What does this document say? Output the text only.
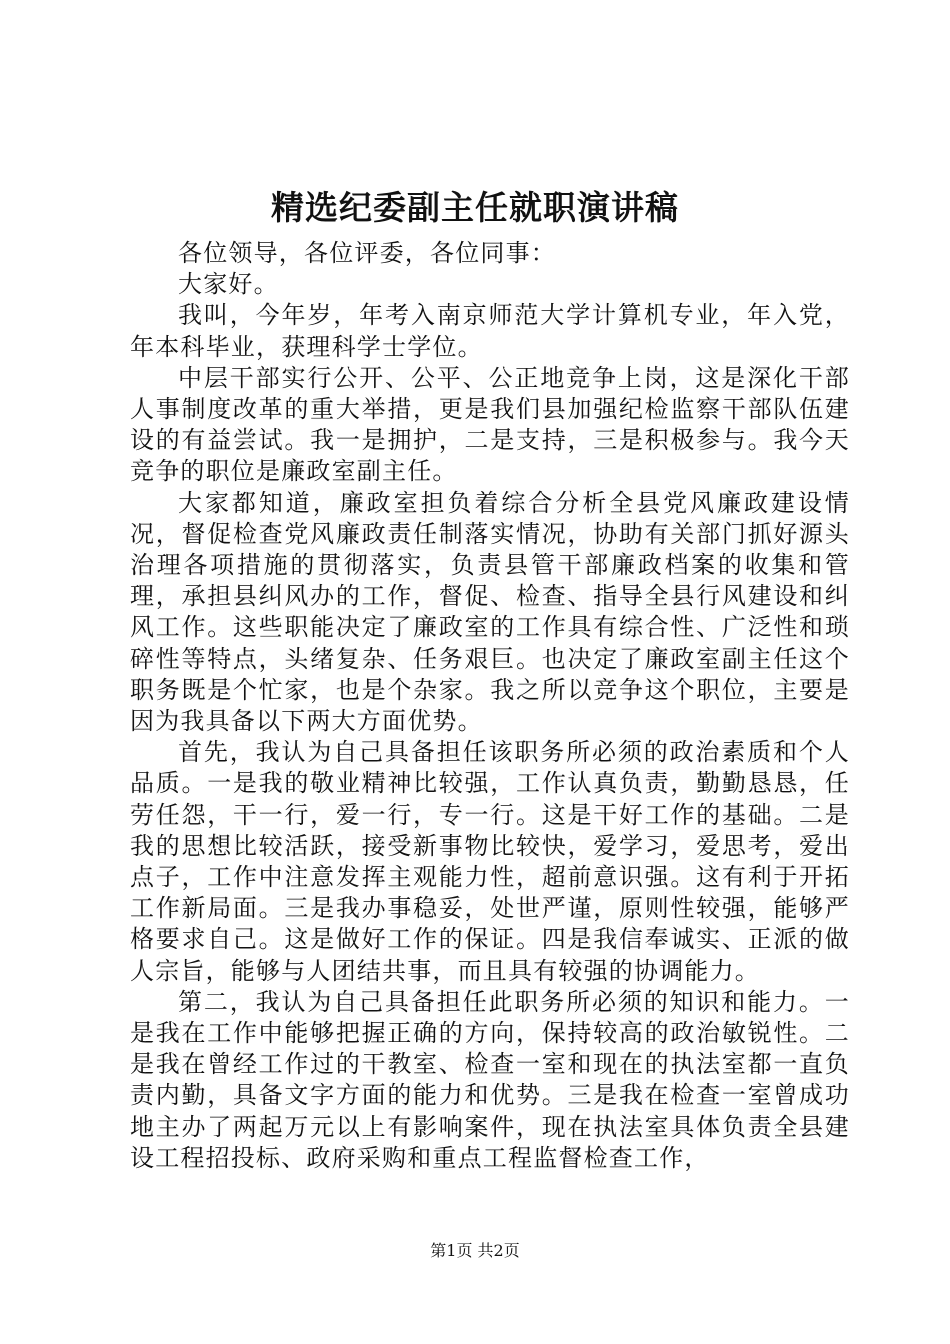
精选纪委副主任就职演讲稿

各位领导，各位评委，各位同事：

大家好。

我叫，今年岁，年考入南京师范大学计算机专业，年入党，年本科毕业，获理科学士学位。

中层干部实行公开、公平、公正地竞争上岗，这是深化干部人事制度改革的重大举措，更是我们县加强纪检监察干部队伍建设的有益尝试。我一是拥护，二是支持，三是积极参与。我今天竞争的职位是廉政室副主任。

大家都知道，廉政室担负着综合分析全县党风廉政建设情况，督促检查党风廉政责任制落实情况，协助有关部门抓好源头治理各项措施的贯彻落实，负责县管干部廉政档案的收集和管理，承担县纠风办的工作，督促、检查、指导全县行风建设和纠风工作。这些职能决定了廉政室的工作具有综合性、广泛性和琐碎性等特点，头绪复杂、任务艰巨。也决定了廉政室副主任这个职务既是个忙家，也是个杂家。我之所以竞争这个职位，主要是因为我具备以下两大方面优势。

首先，我认为自己具备担任该职务所必须的政治素质和个人品质。一是我的敬业精神比较强，工作认真负责，勤勤恳恳，任劳任怨，干一行，爱一行，专一行。这是干好工作的基础。二是我的思想比较活跃，接受新事物比较快，爱学习，爱思考，爱出点子，工作中注意发挥主观能力性，超前意识强。这有利于开拓工作新局面。三是我办事稳妥，处世严谨，原则性较强，能够严格要求自己。这是做好工作的保证。四是我信奉诚实、正派的做人宗旨，能够与人团结共事，而且具有较强的协调能力。

第二，我认为自己具备担任此职务所必须的知识和能力。一是我在工作中能够把握正确的方向，保持较高的政治敏锐性。二是我在曾经工作过的干教室、检查一室和现在的执法室都一直负责内勤，具备文字方面的能力和优势。三是我在检查一室曾成功地主办了两起万元以上有影响案件，现在执法室具体负责全县建设工程招投标、政府采购和重点工程监督检查工作，

第1页 共2页
